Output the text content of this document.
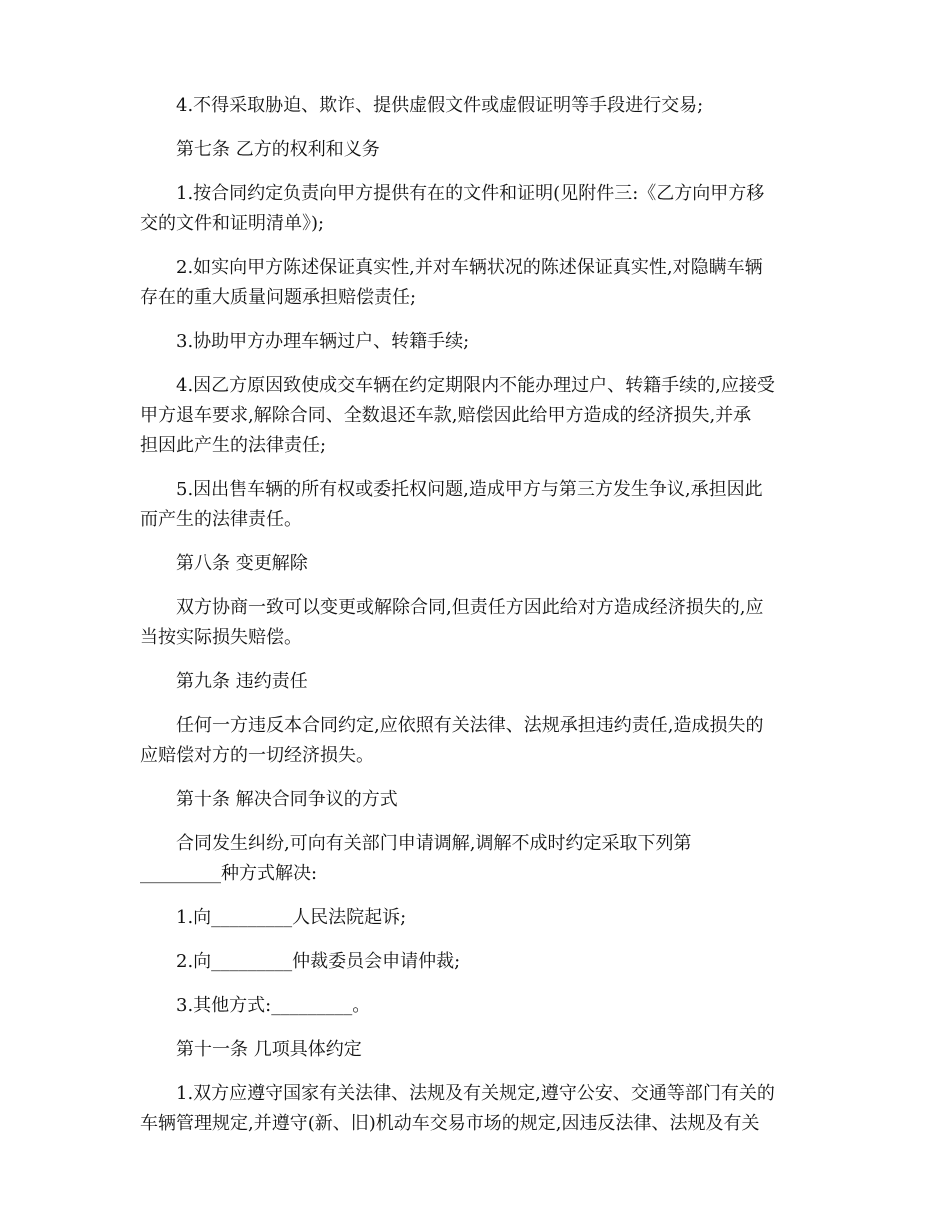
4.不得采取胁迫、欺诈、提供虚假文件或虚假证明等手段进行交易;
第七条 乙方的权利和义务
1.按合同约定负责向甲方提供有在的文件和证明(见附件三:《乙方向甲方移
交的文件和证明清单》);
2.如实向甲方陈述保证真实性,并对车辆状况的陈述保证真实性,对隐瞒车辆
存在的重大质量问题承担赔偿责任;
3.协助甲方办理车辆过户、转籍手续;
4.因乙方原因致使成交车辆在约定期限内不能办理过户、转籍手续的,应接受
甲方退车要求,解除合同、全数退还车款,赔偿因此给甲方造成的经济损失,并承
担因此产生的法律责任;
5.因出售车辆的所有权或委托权问题,造成甲方与第三方发生争议,承担因此
而产生的法律责任。
第八条 变更解除
双方协商一致可以变更或解除合同,但责任方因此给对方造成经济损失的,应
当按实际损失赔偿。
第九条 违约责任
任何一方违反本合同约定,应依照有关法律、法规承担违约责任,造成损失的
应赔偿对方的一切经济损失。
第十条 解决合同争议的方式
合同发生纠纷,可向有关部门申请调解,调解不成时约定采取下列第
_________种方式解决:
1.向_________人民法院起诉;
2.向_________仲裁委员会申请仲裁;
3.其他方式:_________。
第十一条 几项具体约定
1.双方应遵守国家有关法律、法规及有关规定,遵守公安、交通等部门有关的
车辆管理规定,并遵守(新、旧)机动车交易市场的规定,因违反法律、法规及有关
